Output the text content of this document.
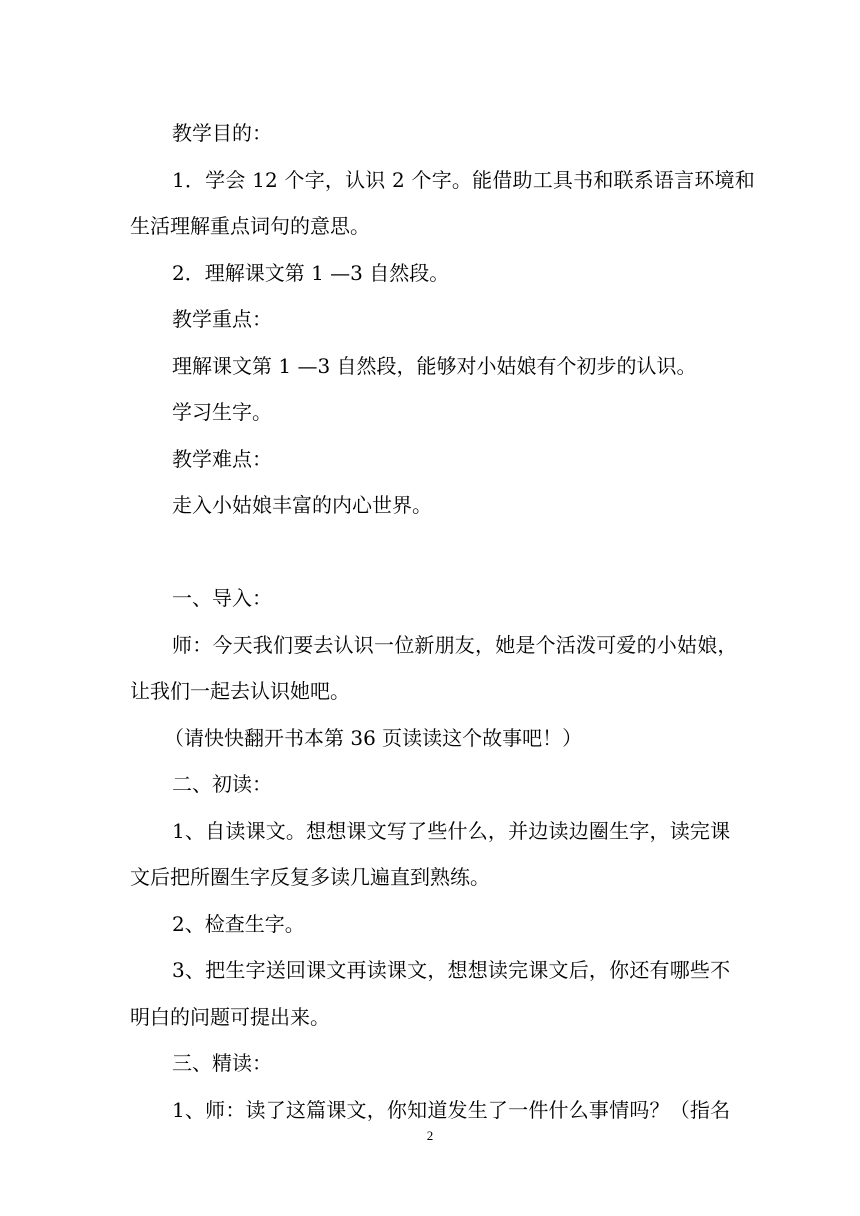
教学目的：
1．学会 12 个字，认识 2 个字。能借助工具书和联系语言环境和
生活理解重点词句的意思。
2．理解课文第 1 —3 自然段。
教学重点：
理解课文第 1 —3 自然段，能够对小姑娘有个初步的认识。
学习生字。
教学难点：
走入小姑娘丰富的内心世界。
一、导入：
师：今天我们要去认识一位新朋友，她是个活泼可爱的小姑娘，
让我们一起去认识她吧。
（请快快翻开书本第 36 页读读这个故事吧！）
二、初读：
1、自读课文。想想课文写了些什么，并边读边圈生字，读完课
文后把所圈生字反复多读几遍直到熟练。
2、检查生字。
3、把生字送回课文再读课文，想想读完课文后，你还有哪些不
明白的问题可提出来。
三、精读：
1、师：读了这篇课文，你知道发生了一件什么事情吗？（指名
2
